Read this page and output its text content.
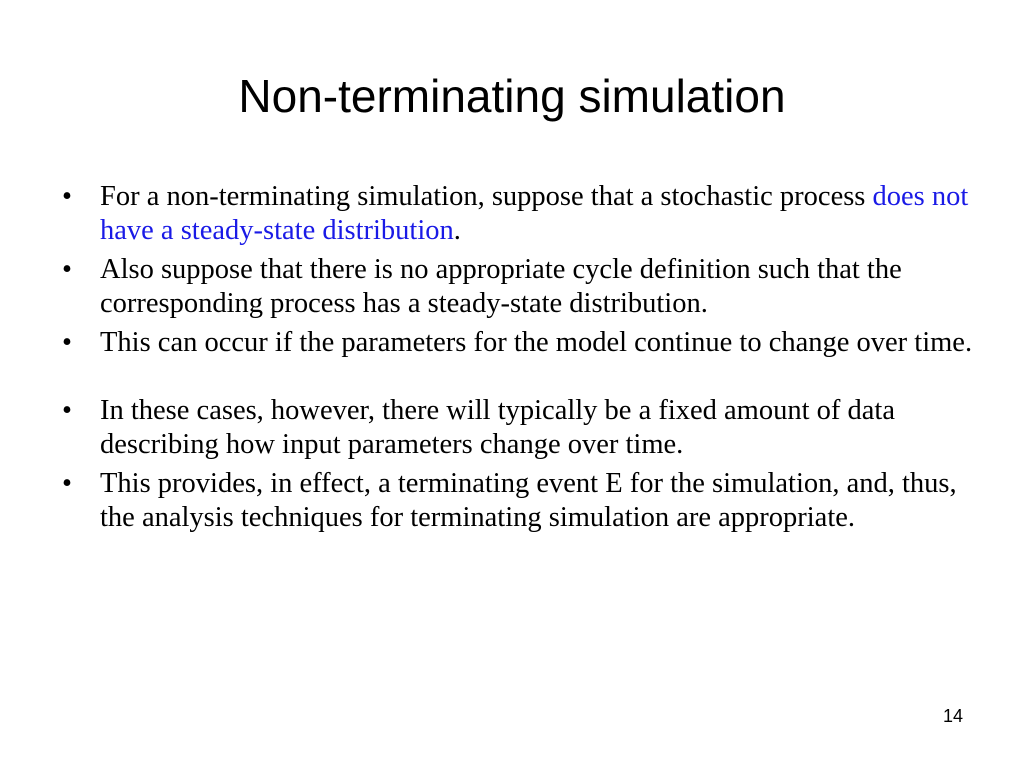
Non-terminating simulation
• For a non-terminating simulation, suppose that a stochastic process does not have a steady-state distribution.
• Also suppose that there is no appropriate cycle definition such that the corresponding process has a steady-state distribution.
• This can occur if the parameters for the model continue to change over time.
• In these cases, however, there will typically be a fixed amount of data describing how input parameters change over time.
• This provides, in effect, a terminating event E for the simulation, and, thus, the analysis techniques for terminating simulation are appropriate.
14
